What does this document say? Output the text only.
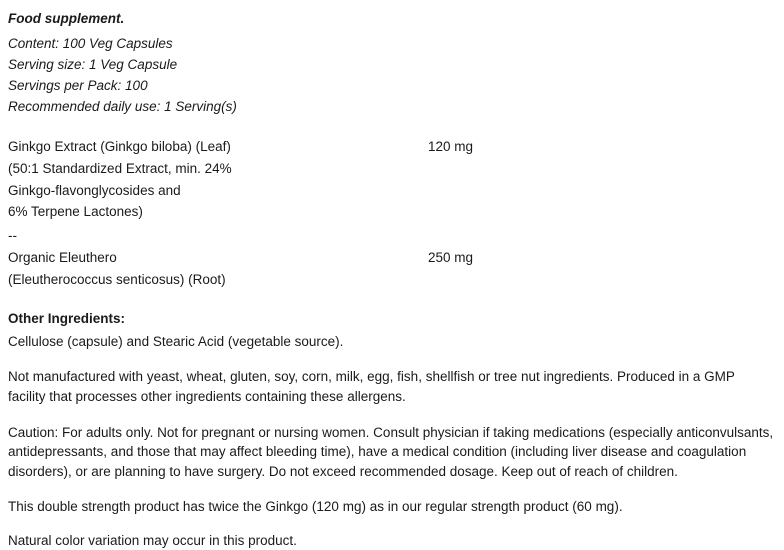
Food supplement.
Content: 100 Veg Capsules
Serving size: 1 Veg Capsule
Servings per Pack: 100
Recommended daily use: 1 Serving(s)
Ginkgo Extract (Ginkgo biloba) (Leaf)	120 mg
(50:1 Standardized Extract, min. 24%
Ginkgo-flavonglycosides and
6% Terpene Lactones)
--
Organic Eleuthero	250 mg
(Eleutherococcus senticosus) (Root)
Other Ingredients:

Cellulose (capsule) and Stearic Acid (vegetable source).

Not manufactured with yeast, wheat, gluten, soy, corn, milk, egg, fish, shellfish or tree nut ingredients. Produced in a GMP facility that processes other ingredients containing these allergens.

Caution: For adults only. Not for pregnant or nursing women. Consult physician if taking medications (especially anticonvulsants, antidepressants, and those that may affect bleeding time), have a medical condition (including liver disease and coagulation disorders), or are planning to have surgery. Do not exceed recommended dosage. Keep out of reach of children.

This double strength product has twice the Ginkgo (120 mg) as in our regular strength product (60 mg).

Natural color variation may occur in this product.
